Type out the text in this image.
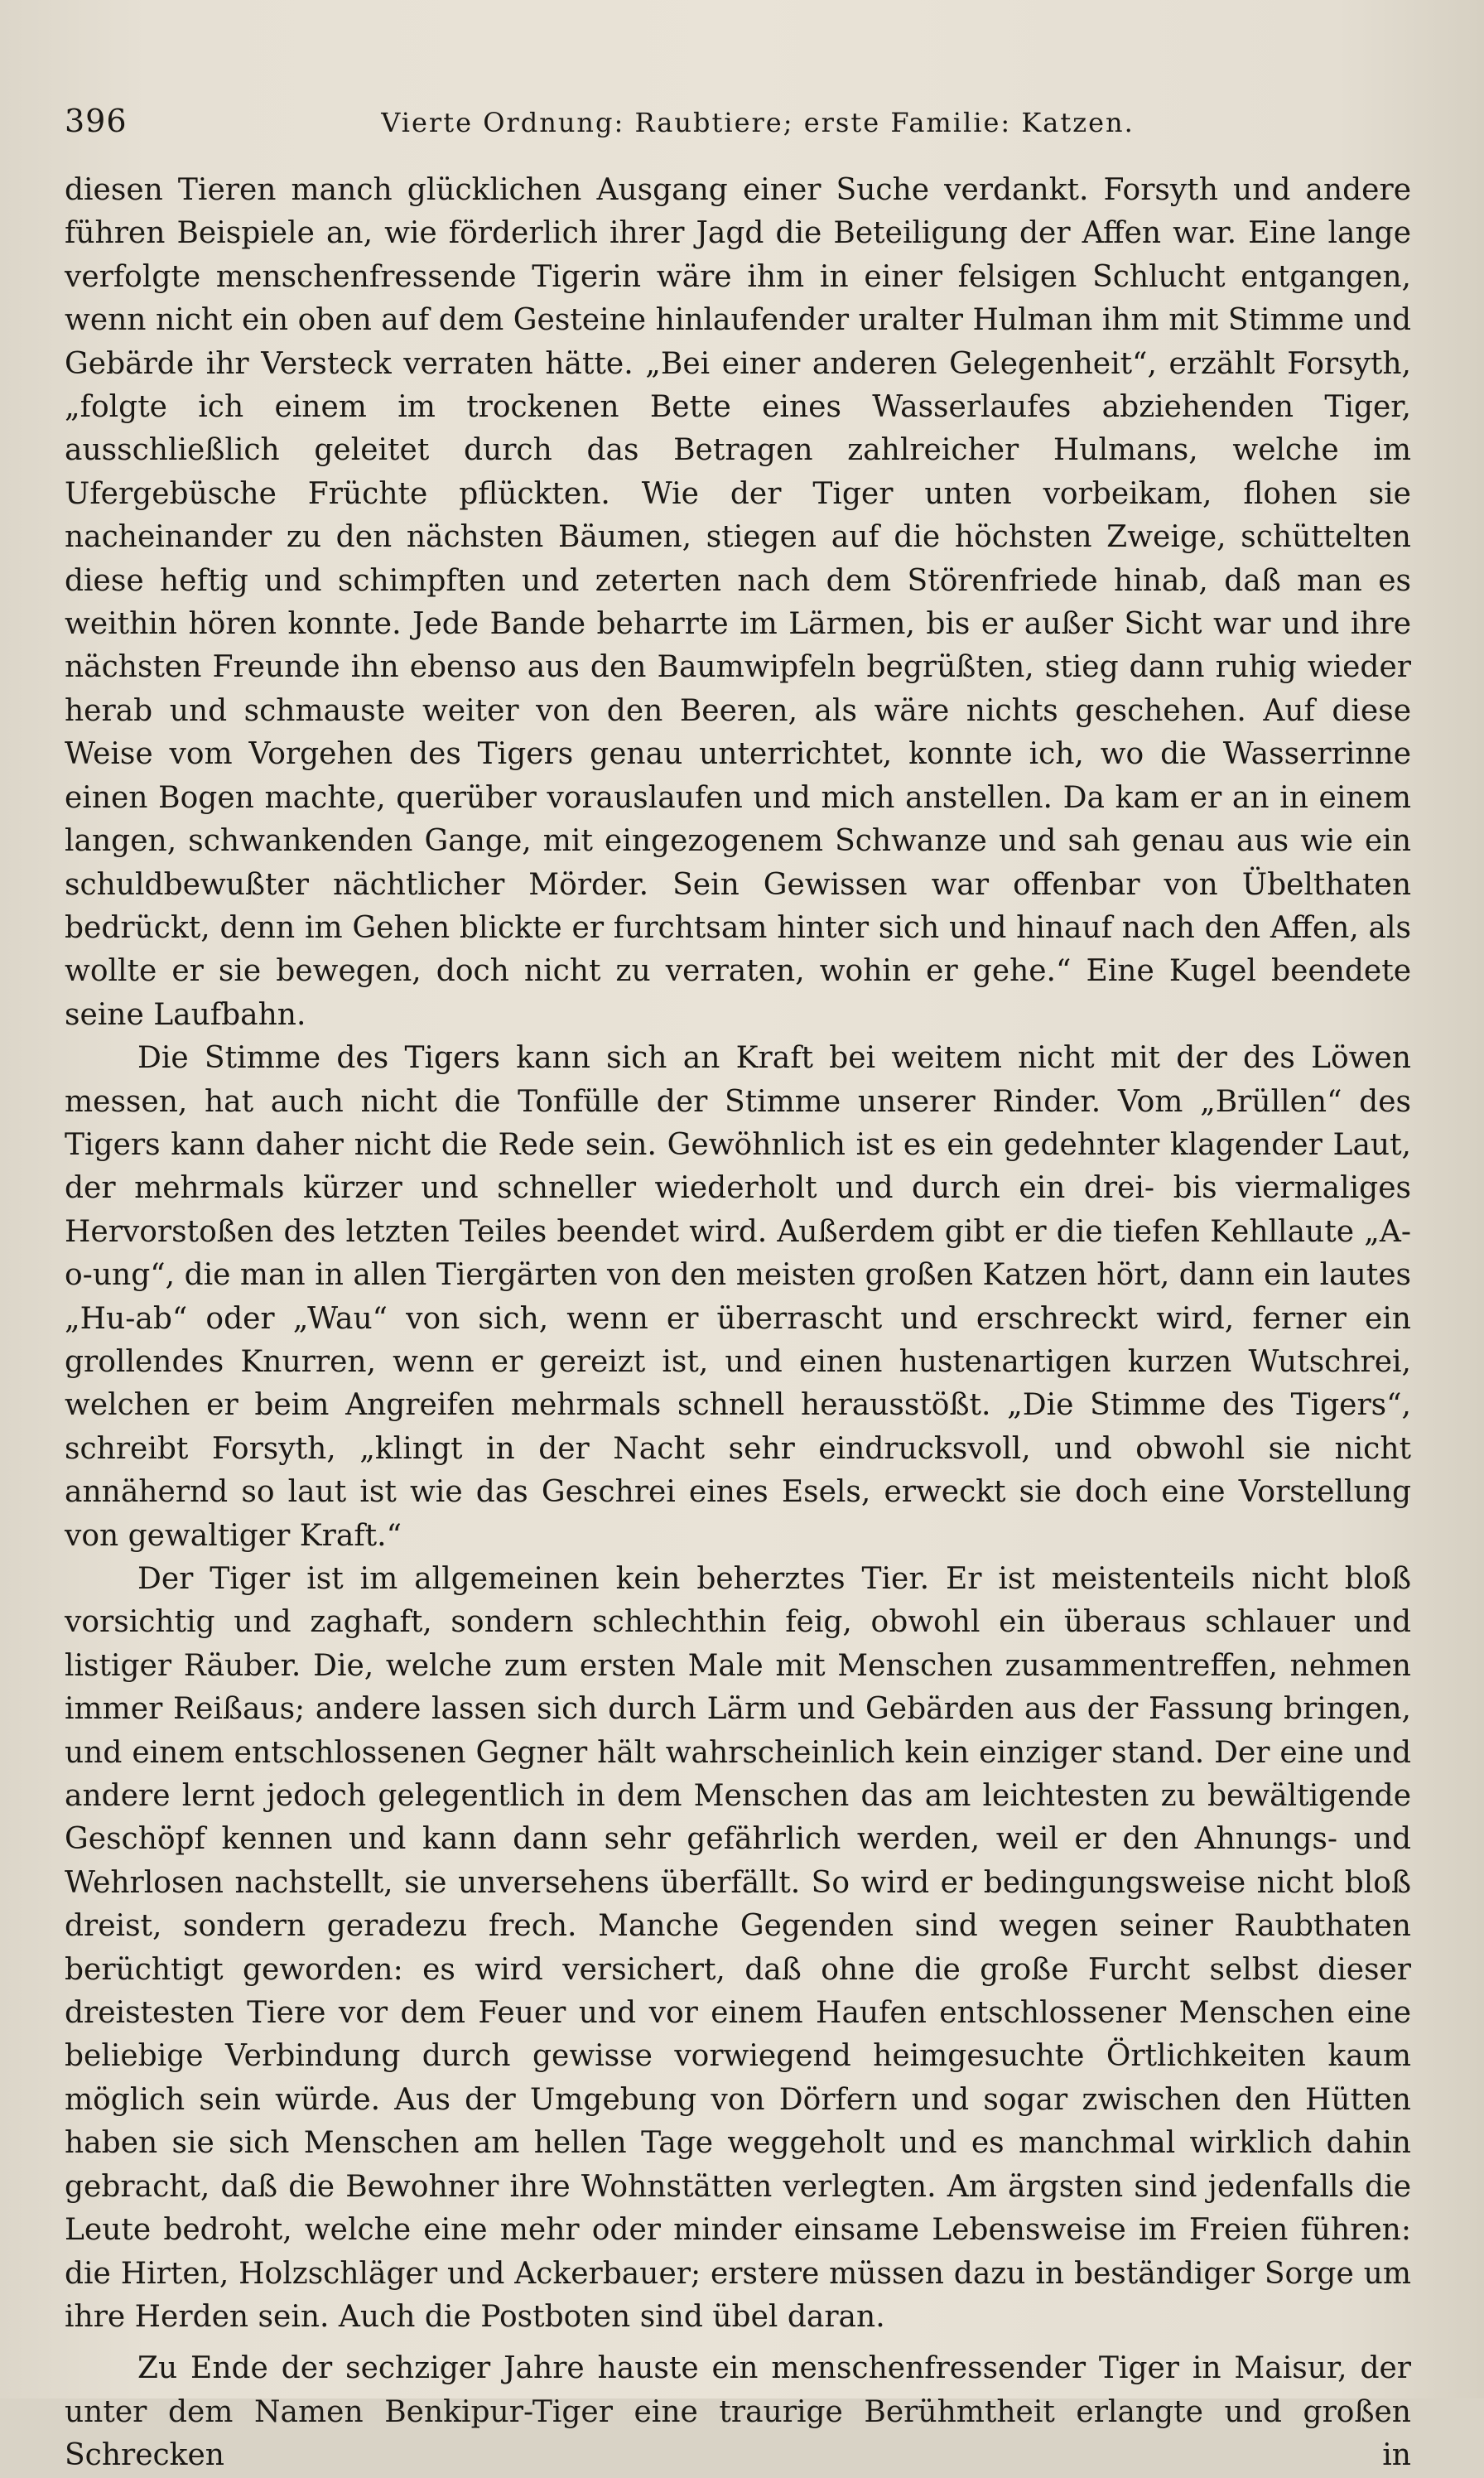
396	Vierte Ordnung: Raubtiere; erste Familie: Katzen.

diesen Tieren manch glücklichen Ausgang einer Suche verdankt. Forsyth und andere führen Beispiele an, wie förderlich ihrer Jagd die Beteiligung der Affen war. Eine lange verfolgte menschenfressende Tigerin wäre ihm in einer felsigen Schlucht entgangen, wenn nicht ein oben auf dem Gesteine hinlaufender uralter Hulman ihm mit Stimme und Gebärde ihr Versteck verraten hätte. „Bei einer anderen Gelegenheit“, erzählt Forsyth, „folgte ich einem im trockenen Bette eines Wasserlaufes abziehenden Tiger, ausschließlich geleitet durch das Betragen zahlreicher Hulmans, welche im Ufergebüsche Früchte pflückten. Wie der Tiger unten vorbeikam, flohen sie nacheinander zu den nächsten Bäumen, stiegen auf die höchsten Zweige, schüttelten diese heftig und schimpften und zeterten nach dem Störenfriede hinab, daß man es weithin hören konnte. Jede Bande beharrte im Lärmen, bis er außer Sicht war und ihre nächsten Freunde ihn ebenso aus den Baumwipfeln begrüßten, stieg dann ruhig wieder herab und schmauste weiter von den Beeren, als wäre nichts geschehen. Auf diese Weise vom Vorgehen des Tigers genau unterrichtet, konnte ich, wo die Wasserrinne einen Bogen machte, querüber vorauslaufen und mich anstellen. Da kam er an in einem langen, schwankenden Gange, mit eingezogenem Schwanze und sah genau aus wie ein schuldbewußter nächtlicher Mörder. Sein Gewissen war offenbar von Übelthaten bedrückt, denn im Gehen blickte er furchtsam hinter sich und hinauf nach den Affen, als wollte er sie bewegen, doch nicht zu verraten, wohin er gehe.“ Eine Kugel beendete seine Laufbahn.

Die Stimme des Tigers kann sich an Kraft bei weitem nicht mit der des Löwen messen, hat auch nicht die Tonfülle der Stimme unserer Rinder. Vom „Brüllen“ des Tigers kann daher nicht die Rede sein. Gewöhnlich ist es ein gedehnter klagender Laut, der mehrmals kürzer und schneller wiederholt und durch ein drei- bis viermaliges Hervorstoßen des letzten Teiles beendet wird. Außerdem gibt er die tiefen Kehllaute „A-o-ung“, die man in allen Tiergärten von den meisten großen Katzen hört, dann ein lautes „Hu-ab“ oder „Wau“ von sich, wenn er überrascht und erschreckt wird, ferner ein grollendes Knurren, wenn er gereizt ist, und einen hustenartigen kurzen Wutschrei, welchen er beim Angreifen mehrmals schnell herausstößt. „Die Stimme des Tigers“, schreibt Forsyth, „klingt in der Nacht sehr eindrucksvoll, und obwohl sie nicht annähernd so laut ist wie das Geschrei eines Esels, erweckt sie doch eine Vorstellung von gewaltiger Kraft.“

Der Tiger ist im allgemeinen kein beherztes Tier. Er ist meistenteils nicht bloß vorsichtig und zaghaft, sondern schlechthin feig, obwohl ein überaus schlauer und listiger Räuber. Die, welche zum ersten Male mit Menschen zusammentreffen, nehmen immer Reißaus; andere lassen sich durch Lärm und Gebärden aus der Fassung bringen, und einem entschlossenen Gegner hält wahrscheinlich kein einziger stand. Der eine und andere lernt jedoch gelegentlich in dem Menschen das am leichtesten zu bewältigende Geschöpf kennen und kann dann sehr gefährlich werden, weil er den Ahnungs- und Wehrlosen nachstellt, sie unversehens überfällt. So wird er bedingungsweise nicht bloß dreist, sondern geradezu frech. Manche Gegenden sind wegen seiner Raubthaten berüchtigt geworden: es wird versichert, daß ohne die große Furcht selbst dieser dreistesten Tiere vor dem Feuer und vor einem Haufen entschlossener Menschen eine beliebige Verbindung durch gewisse vorwiegend heimgesuchte Örtlichkeiten kaum möglich sein würde. Aus der Umgebung von Dörfern und sogar zwischen den Hütten haben sie sich Menschen am hellen Tage weggeholt und es manchmal wirklich dahin gebracht, daß die Bewohner ihre Wohnstätten verlegten. Am ärgsten sind jedenfalls die Leute bedroht, welche eine mehr oder minder einsame Lebensweise im Freien führen: die Hirten, Holzschläger und Ackerbauer; erstere müssen dazu in beständiger Sorge um ihre Herden sein. Auch die Postboten sind übel daran.

Zu Ende der sechziger Jahre hauste ein menschenfressender Tiger in Maisur, der unter dem Namen Benkipur-Tiger eine traurige Berühmtheit erlangte und großen Schrecken in
